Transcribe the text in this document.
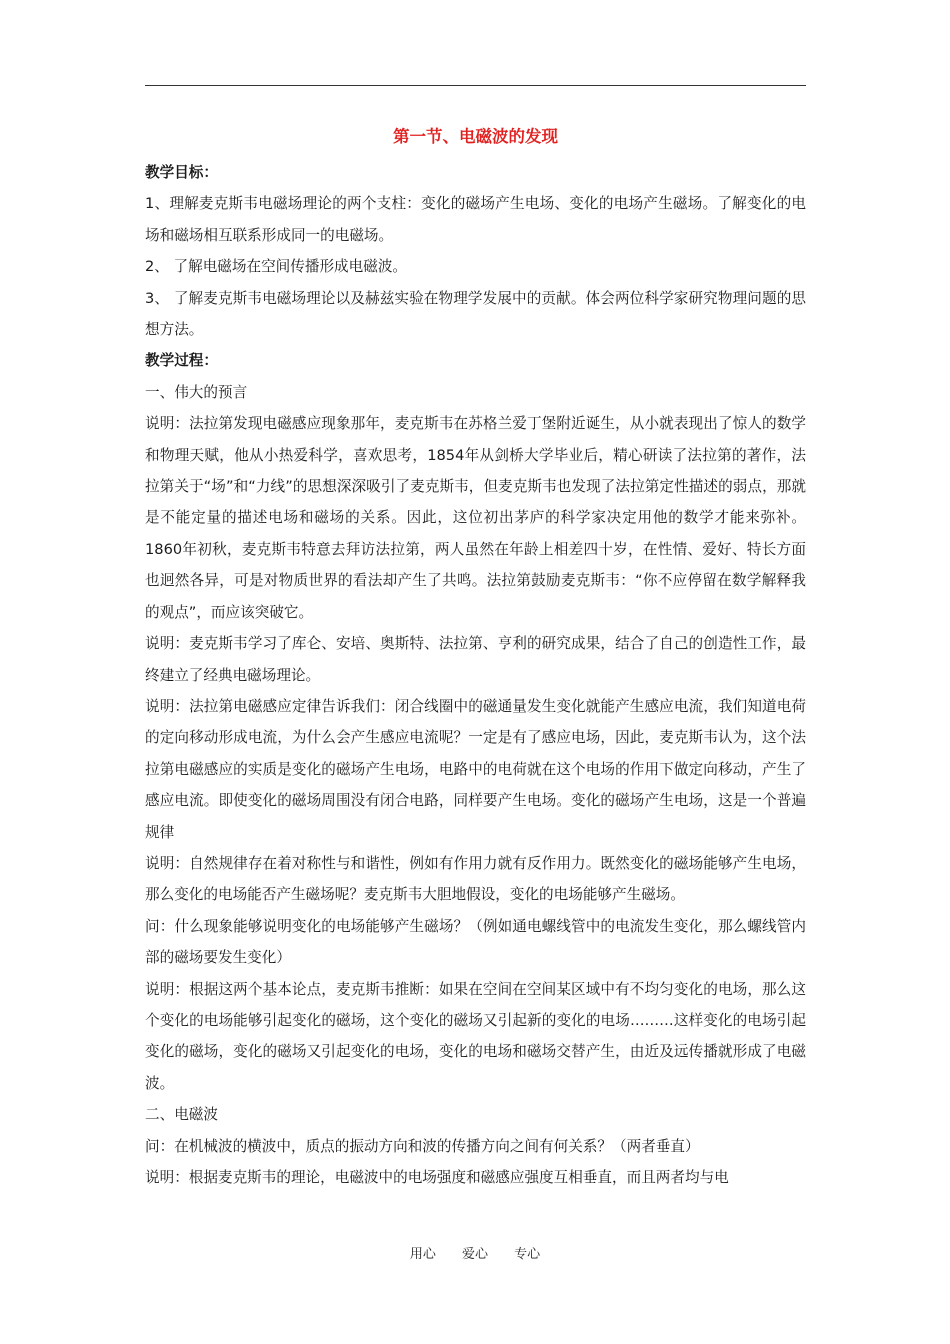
第一节、电磁波的发现
教学目标：

1、理解麦克斯韦电磁场理论的两个支柱：变化的磁场产生电场、变化的电场产生磁场。了解变化的电场和磁场相互联系形成同一的电磁场。

2、 了解电磁场在空间传播形成电磁波。

3、 了解麦克斯韦电磁场理论以及赫兹实验在物理学发展中的贡献。体会两位科学家研究物理问题的思想方法。

教学过程：
一、伟大的预言

说明：法拉第发现电磁感应现象那年，麦克斯韦在苏格兰爱丁堡附近诞生，从小就表现出了惊人的数学和物理天赋，他从小热爱科学，喜欢思考，1854年从剑桥大学毕业后，精心研读了法拉第的著作，法拉第关于“场”和“力线”的思想深深吸引了麦克斯韦，但麦克斯韦也发现了法拉第定性描述的弱点，那就是不能定量的描述电场和磁场的关系。因此，这位初出茅庐的科学家决定用他的数学才能来弥补。1860年初秋，麦克斯韦特意去拜访法拉第，两人虽然在年龄上相差四十岁，在性情、爱好、特长方面也迥然各异，可是对物质世界的看法却产生了共鸣。法拉第鼓励麦克斯韦：“你不应停留在数学解释我的观点”，而应该突破它。

说明：麦克斯韦学习了库仑、安培、奥斯特、法拉第、亨利的研究成果，结合了自己的创造性工作，最终建立了经典电磁场理论。

说明：法拉第电磁感应定律告诉我们：闭合线圈中的磁通量发生变化就能产生感应电流，我们知道电荷的定向移动形成电流，为什么会产生感应电流呢？一定是有了感应电场，因此，麦克斯韦认为，这个法拉第电磁感应的实质是变化的磁场产生电场，电路中的电荷就在这个电场的作用下做定向移动，产生了感应电流。即使变化的磁场周围没有闭合电路，同样要产生电场。变化的磁场产生电场，这是一个普遍规律

说明：自然规律存在着对称性与和谐性，例如有作用力就有反作用力。既然变化的磁场能够产生电场，那么变化的电场能否产生磁场呢？麦克斯韦大胆地假设，变化的电场能够产生磁场。

问：什么现象能够说明变化的电场能够产生磁场？（例如通电螺线管中的电流发生变化，那么螺线管内部的磁场要发生变化）

说明：根据这两个基本论点，麦克斯韦推断：如果在空间在空间某区域中有不均匀变化的电场，那么这个变化的电场能够引起变化的磁场，这个变化的磁场又引起新的变化的电场………这样变化的电场引起变化的磁场，变化的磁场又引起变化的电场，变化的电场和磁场交替产生，由近及远传播就形成了电磁波。

二、电磁波

问：在机械波的横波中，质点的振动方向和波的传播方向之间有何关系？（两者垂直）

说明：根据麦克斯韦的理论，电磁波中的电场强度和磁感应强度互相垂直，而且两者均与电

用心 爱心 专心
